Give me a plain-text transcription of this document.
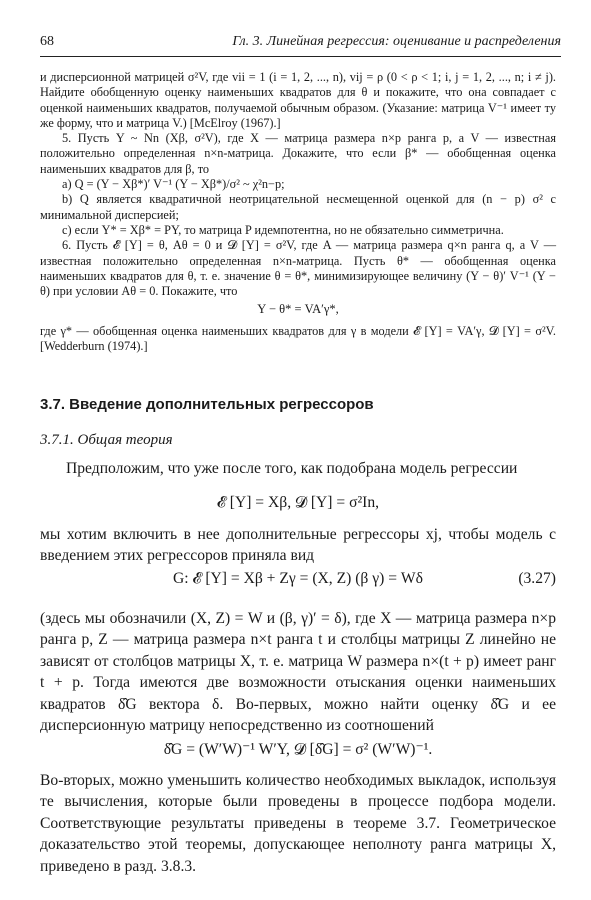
68	Гл. 3. Линейная регрессия: оценивание и распределения

и дисперсионной матрицей σ²V, где vii = 1 (i = 1, 2, ..., n), vij = ρ (0 < ρ < 1; i, j = 1, 2, ..., n; i ≠ j). Найдите обобщенную оценку наименьших квадратов для θ и покажите, что она совпадает с оценкой наименьших квадратов, получаемой обычным образом. (Указание: матрица V⁻¹ имеет ту же форму, что и матрица V.) [McElroy (1967).]

5. Пусть Y ~ Nn (Xβ, σ²V), где X — матрица размера n×p ранга p, a V — известная положительно определенная n×n-матрица. Докажите, что если β* — обобщенная оценка наименьших квадратов для β, то

a) Q = (Y − Xβ*)′ V⁻¹ (Y − Xβ*)/σ² ~ χ²n−p;

b) Q является квадратичной неотрицательной несмещенной оценкой для (n − p) σ² с минимальной дисперсией;

c) если Y* = Xβ* = PY, то матрица P идемпотентна, но не обязательно симметрична.

6. Пусть 𝓔 [Y] = θ, Aθ = 0 и 𝓓 [Y] = σ²V, где A — матрица размера q×n ранга q, a V — известная положительно определенная n×n-матрица. Пусть θ* — обобщенная оценка наименьших квадратов для θ, т. е. значение θ = θ*, минимизирующее величину (Y − θ)′ V⁻¹ (Y − θ) при условии Aθ = 0. Покажите, что

Y − θ* = VA′γ*,

где γ* — обобщенная оценка наименьших квадратов для γ в модели 𝓔 [Y] = VA′γ, 𝓓 [Y] = σ²V. [Wedderburn (1974).]

3.7. Введение дополнительных регрессоров
3.7.1. Общая теория

Предположим, что уже после того, как подобрана модель регрессии

𝓔 [Y] = Xβ, 𝓓 [Y] = σ²In,

мы хотим включить в нее дополнительные регрессоры xj, чтобы модель с введением этих регрессоров приняла вид

G: 𝓔 [Y] = Xβ + Zγ = (X, Z) (β γ) = Wδ	(3.27)

(здесь мы обозначили (X, Z) = W и (β, γ)′ = δ), где X — матрица размера n×p ранга p, Z — матрица размера n×t ранга t и столбцы матрицы Z линейно не зависят от столбцов матрицы X, т. е. матрица W размера n×(t + p) имеет ранг t + p. Тогда имеются две возможности отыскания оценки наименьших квадратов δ̂G вектора δ. Во-первых, можно найти оценку δ̂G и ее дисперсионную матрицу непосредственно из соотношений

δ̂G = (W′W)⁻¹ W′Y, 𝓓 [δ̂G] = σ² (W′W)⁻¹.

Во-вторых, можно уменьшить количество необходимых выкладок, используя те вычисления, которые были проведены в процессе подбора модели. Соответствующие результаты приведены в теореме 3.7. Геометрическое доказательство этой теоремы, допускающее неполноту ранга матрицы X, приведено в разд. 3.8.3.
